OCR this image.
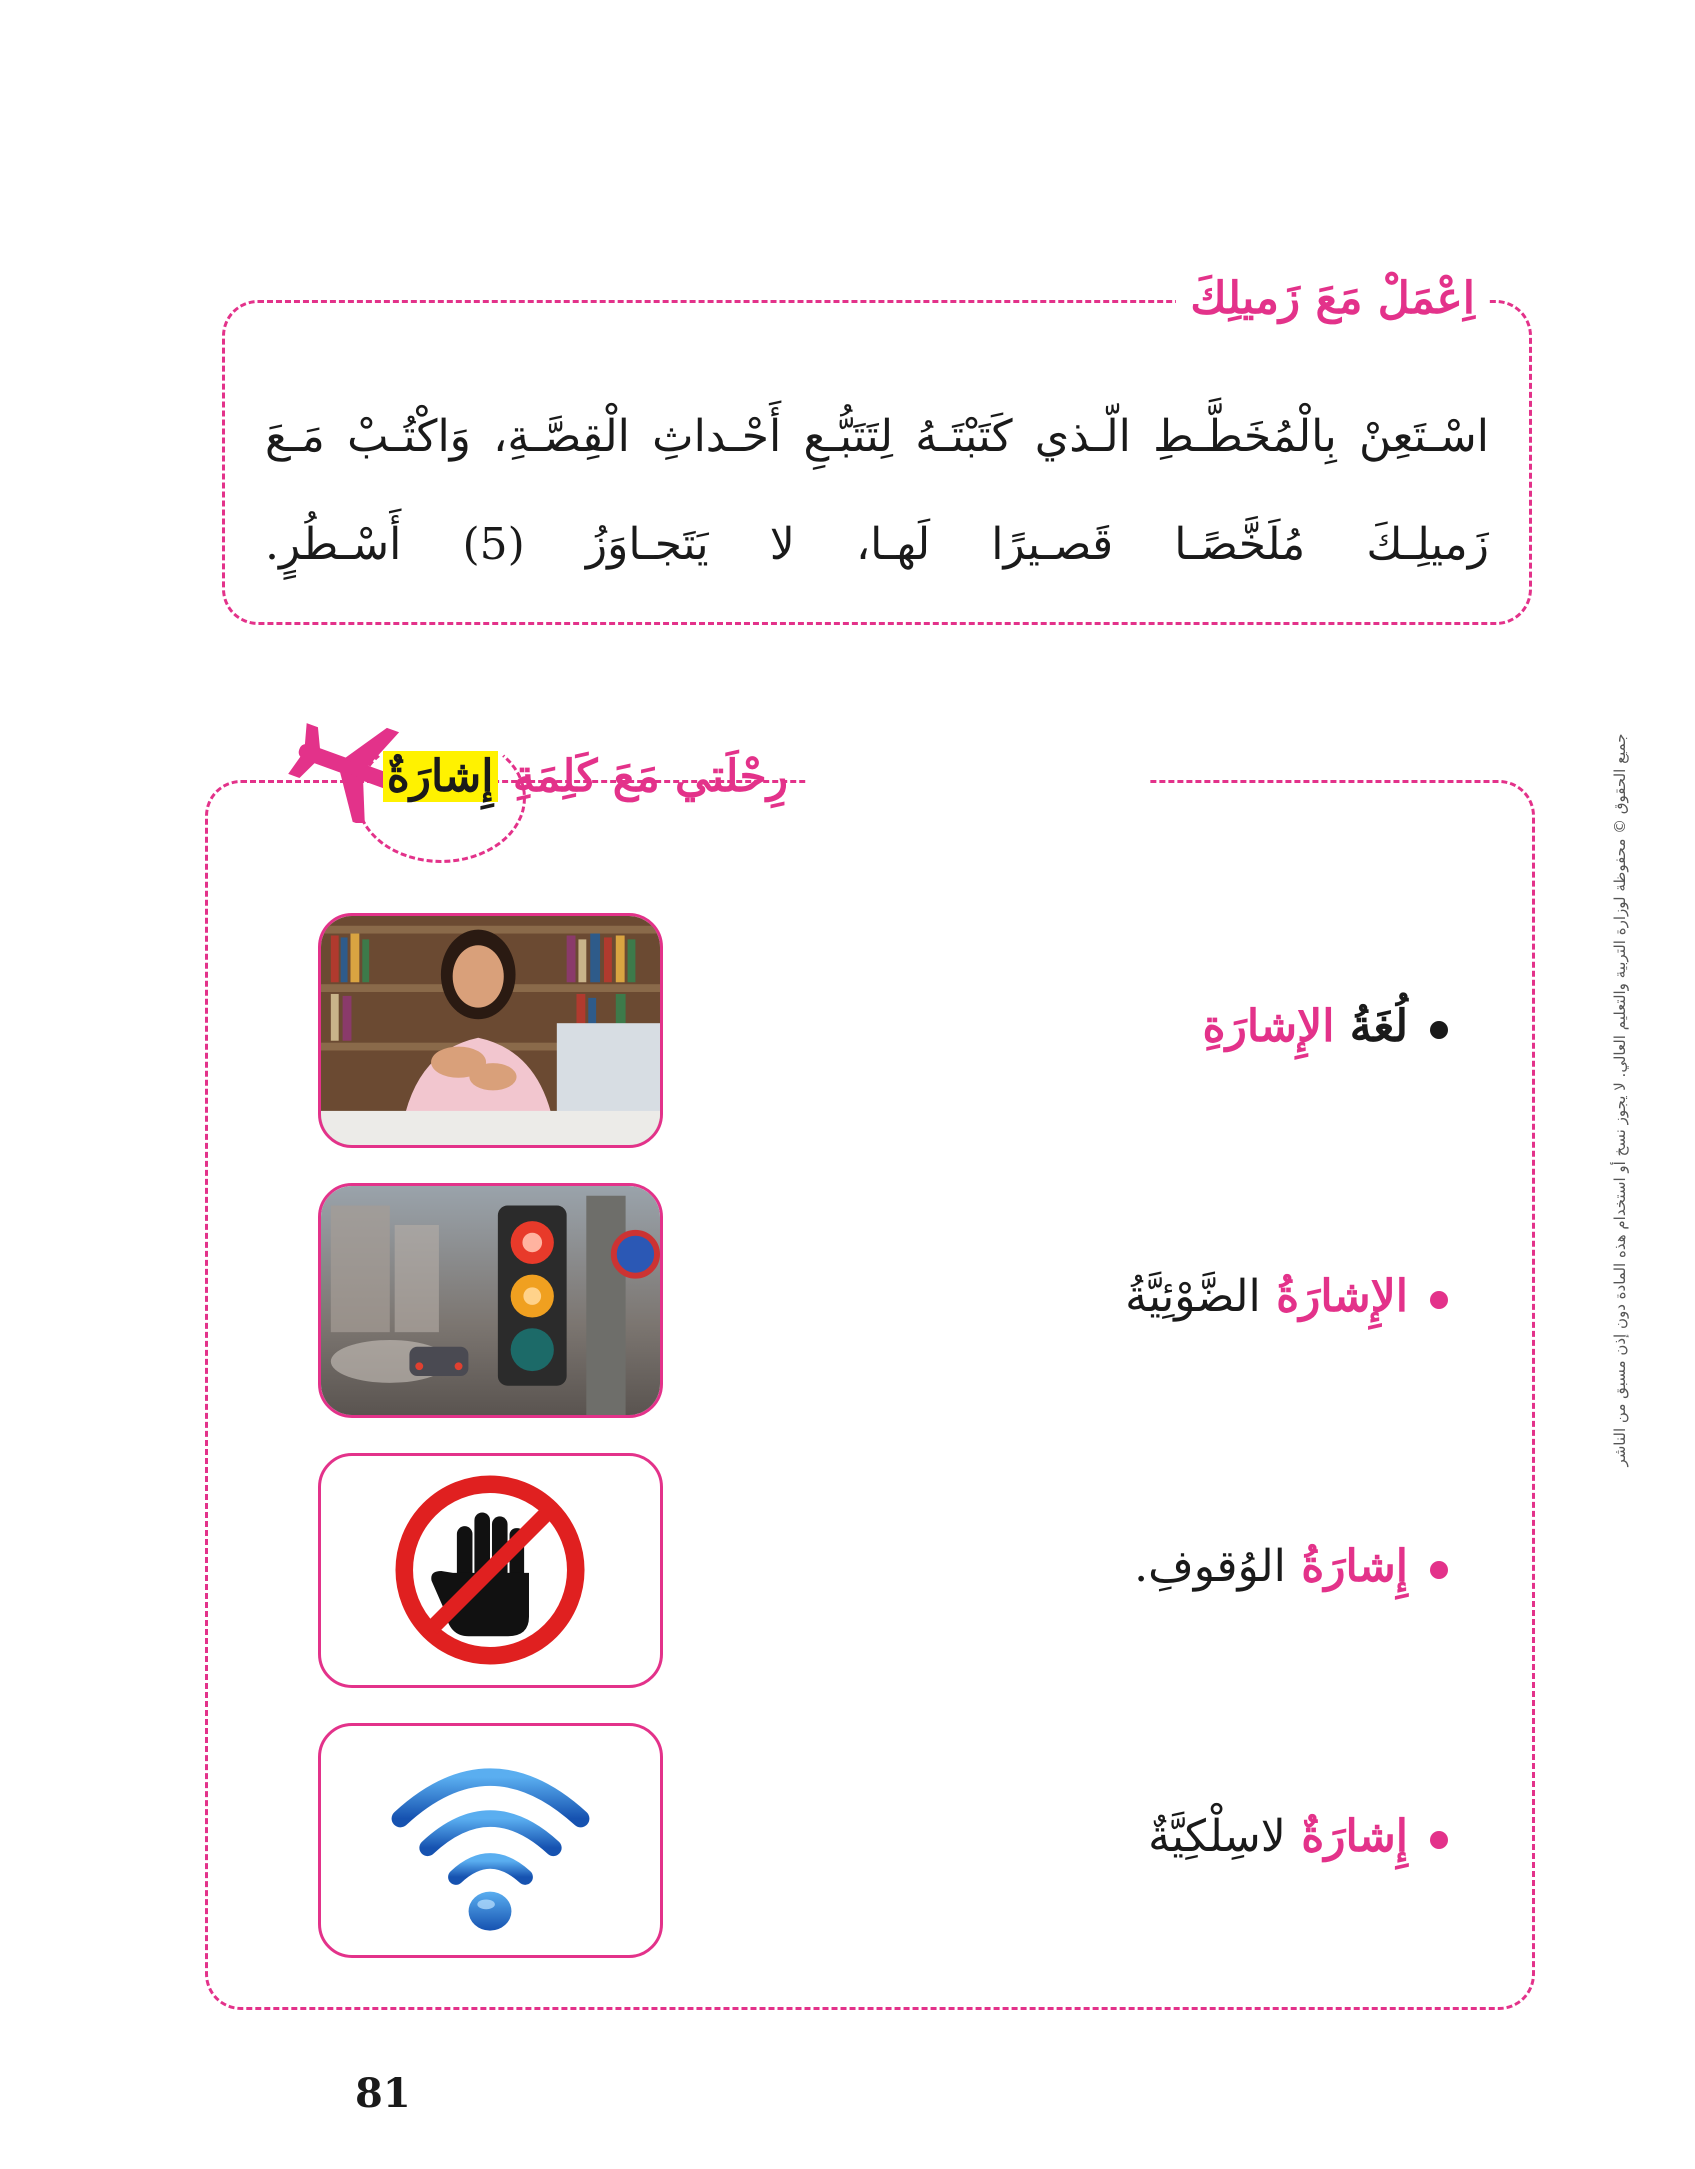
اِعْمَلْ مَعَ زَميلِكَ
اسْـتَعِنْ بِالْمُخَطَّـطِ الّـذي كَتَبْتَـهُ لِتَتَبُّـعِ أَحْـداثِ الْقِصَّـةِ، وَاكْتُـبْ مَـعَ زَميلِـكَ مُلَخَّصًـا قَصـيرًا لَهـا، لا يَتَجـاوَزُ (5) أَسْـطُرٍ.
رِحْلَتي مَعَ كَلِمَةِ إِشارَةٌ
لُغَةُ الإِشارَةِ
الإِشارَةُ الضَّوْئِيَّةُ
إِشارَةُ الوُقوفِ.
إِشارَةٌ لاسِلْكِيَّةٌ
جميع الحقوق © محفوظة لوزارة التربية والتعليم العالي. لا يجوز نسخ أو استخدام هذه المادة دون إذن مسبق من الناشر
81
